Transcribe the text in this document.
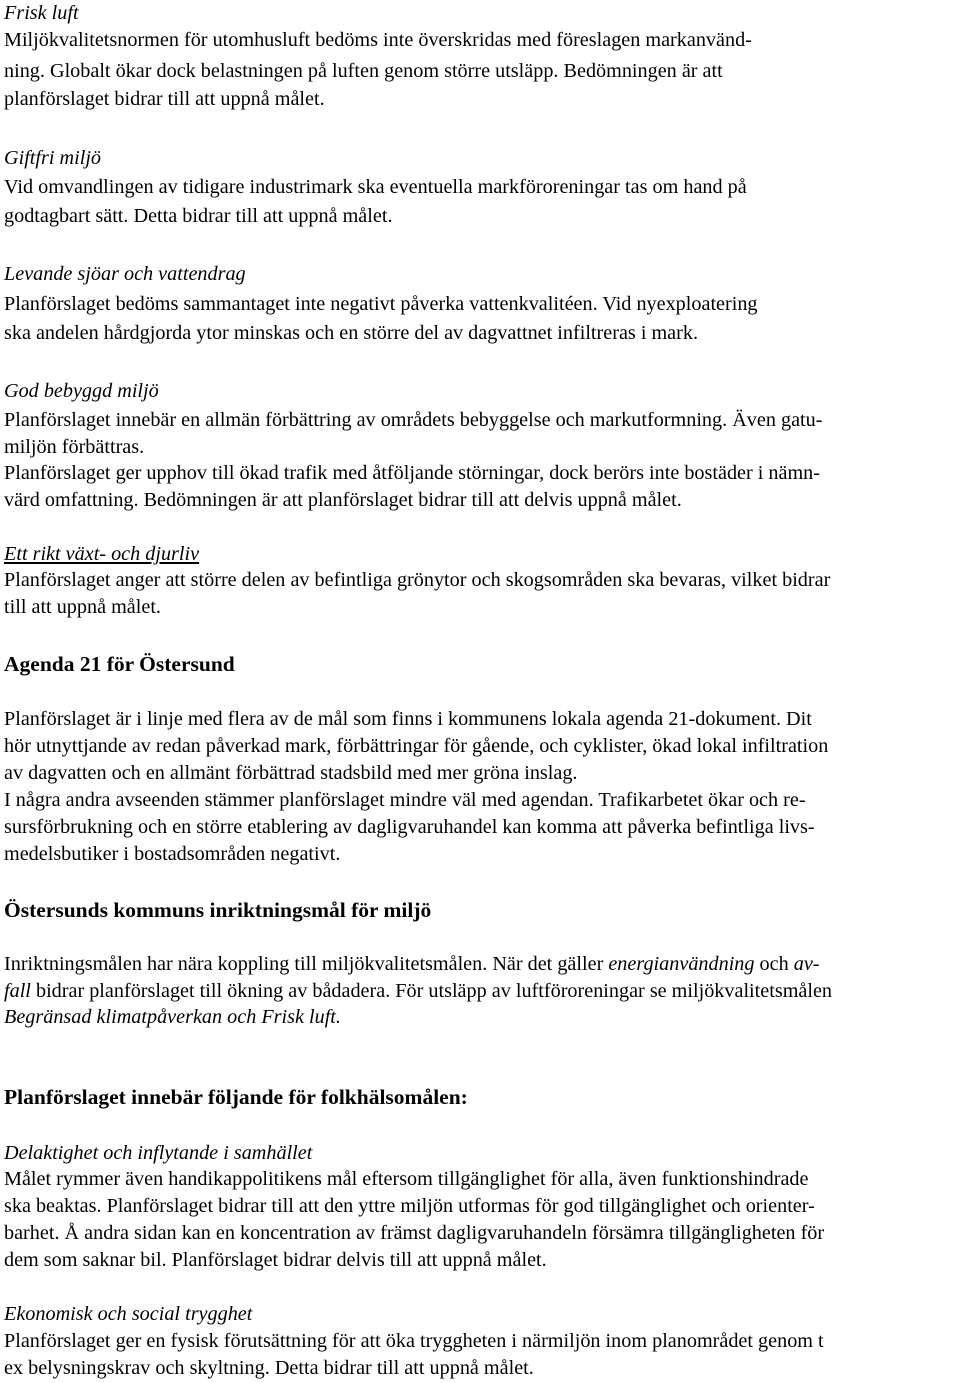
Frisk luft
Miljökvalitetsnormen för utomhusluft bedöms inte överskridas med föreslagen markanvänd-
ning. Globalt ökar dock belastningen på luften genom större utsläpp. Bedömningen är att
planförslaget bidrar till att uppnå målet.
Giftfri miljö
Vid omvandlingen av tidigare industrimark ska eventuella markföroreningar tas om hand på
godtagbart sätt. Detta bidrar till att uppnå målet.
Levande sjöar och vattendrag
Planförslaget bedöms sammantaget inte negativt påverka vattenkvalitéen. Vid nyexploatering
ska andelen hårdgjorda ytor minskas och en större del av dagvattnet infiltreras i mark.
God bebyggd miljö
Planförslaget innebär en allmän förbättring av områdets bebyggelse och markutformning. Även gatu-
miljön förbättras.
Planförslaget ger upphov till ökad trafik med åtföljande störningar, dock berörs inte bostäder i nämn-
värd omfattning. Bedömningen är att planförslaget bidrar till att delvis uppnå målet.
Ett rikt växt- och djurliv
Planförslaget anger att större delen av befintliga grönytor och skogsområden ska bevaras, vilket bidrar
till att uppnå målet.
Agenda 21 för Östersund
Planförslaget är i linje med flera av de mål som finns i kommunens lokala agenda 21-dokument. Dit
hör utnyttjande av redan påverkad mark, förbättringar för gående, och cyklister, ökad lokal infiltration
av dagvatten och en allmänt förbättrad stadsbild med mer gröna inslag.
I några andra avseenden stämmer planförslaget mindre väl med agendan. Trafikarbetet ökar och re-
sursförbrukning och en större etablering av dagligvaruhandel kan komma att påverka befintliga livs-
medelsbutiker i bostadsområden negativt.
Östersunds kommuns inriktningsmål för miljö
Inriktningsmålen har nära koppling till miljökvalitetsmålen. När det gäller energianvändning och av-
fall bidrar planförslaget till ökning av bådadera. För utsläpp av luftföroreningar se miljökvalitetsmålen
Begränsad klimatpåverkan och Frisk luft.
Planförslaget innebär följande för folkhälsomålen:
Delaktighet och inflytande i samhället
Målet rymmer även handikappolitikens mål eftersom tillgänglighet för alla, även funktionshindrade
ska beaktas. Planförslaget bidrar till att den yttre miljön utformas för god tillgänglighet och orienter-
barhet. Å andra sidan kan en koncentration av främst dagligvaruhandeln försämra tillgängligheten för
dem som saknar bil. Planförslaget bidrar delvis till att uppnå målet.
Ekonomisk och social trygghet
Planförslaget ger en fysisk förutsättning för att öka tryggheten i närmiljön inom planområdet genom t
ex belysningskrav och skyltning. Detta bidrar till att uppnå målet.
